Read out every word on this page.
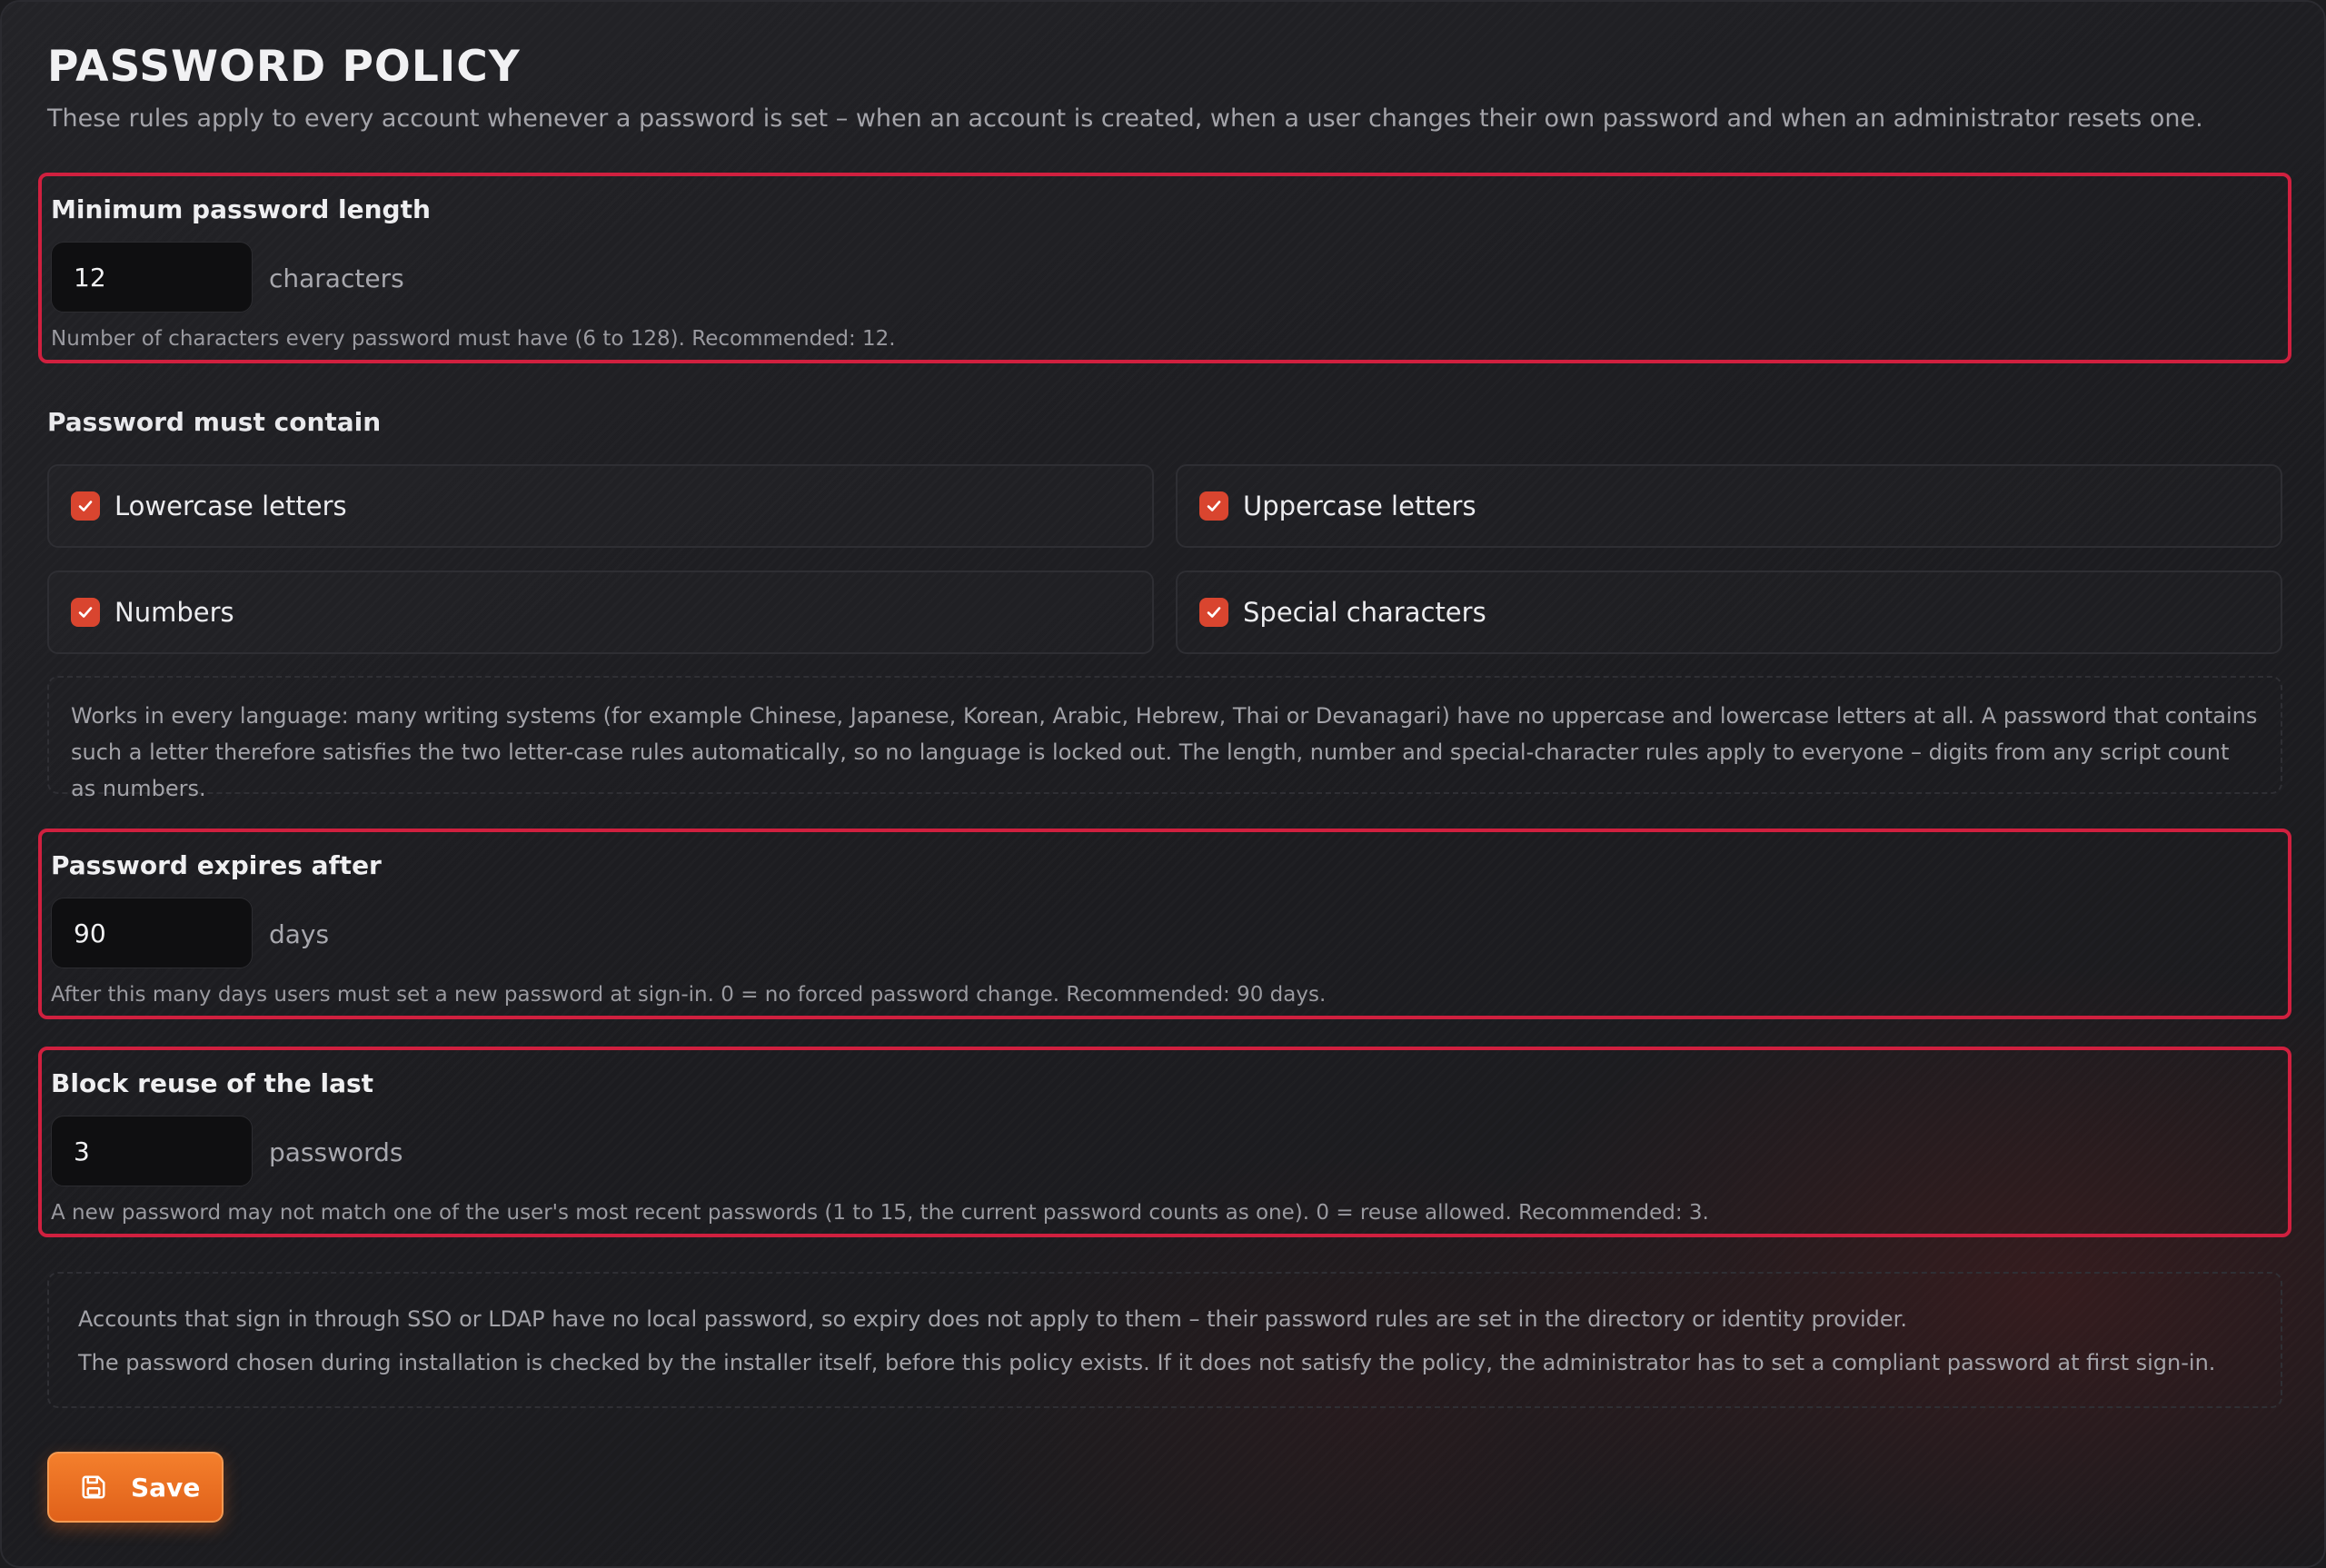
PASSWORD POLICY
These rules apply to every account whenever a password is set – when an account is created, when a user changes their own password and when an administrator resets one.
Minimum password length
12
characters
Number of characters every password must have (6 to 128). Recommended: 12.
Password must contain
Lowercase letters	Uppercase letters
Numbers	Special characters
Works in every language: many writing systems (for example Chinese, Japanese, Korean, Arabic, Hebrew, Thai or Devanagari) have no uppercase and lowercase letters at all. A password that contains such a letter therefore satisfies the two letter-case rules automatically, so no language is locked out. The length, number and special-character rules apply to everyone – digits from any script count as numbers.
Password expires after
90
days
After this many days users must set a new password at sign-in. 0 = no forced password change. Recommended: 90 days.
Block reuse of the last
3
passwords
A new password may not match one of the user's most recent passwords (1 to 15, the current password counts as one). 0 = reuse allowed. Recommended: 3.
Accounts that sign in through SSO or LDAP have no local password, so expiry does not apply to them – their password rules are set in the directory or identity provider.
The password chosen during installation is checked by the installer itself, before this policy exists. If it does not satisfy the policy, the administrator has to set a compliant password at first sign-in.
Save
